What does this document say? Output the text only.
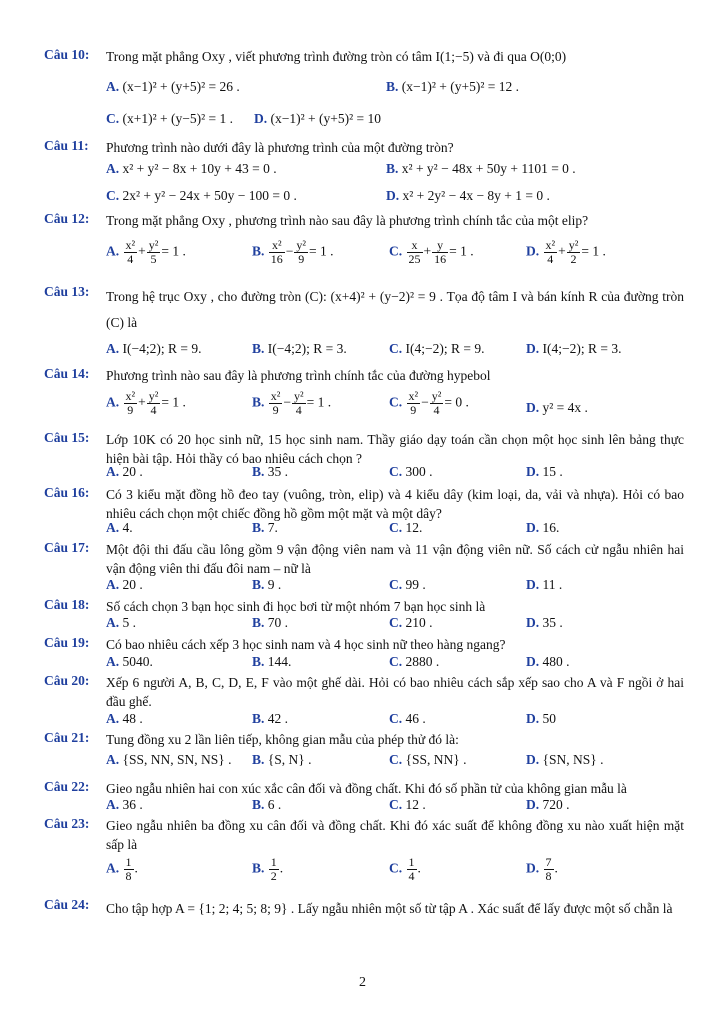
Câu 10: Trong mặt phẳng Oxy , viết phương trình đường tròn có tâm I(1;−5) và đi qua O(0;0)
A. (x−1)² + (y+5)² = 26 .	B. (x−1)² + (y+5)² = 12 .
C. (x+1)² + (y−5)² = 1 . D. (x−1)² + (y+5)² = 10
Câu 11: Phương trình nào dưới đây là phương trình của một đường tròn?
A. x² + y² − 8x + 10y + 43 = 0 .	B. x² + y² − 48x + 50y + 1101 = 0 .
C. 2x² + y² − 24x + 50y − 100 = 0 .	D. x² + 2y² − 4x − 8y + 1 = 0 .
Câu 12: Trong mặt phẳng Oxy , phương trình nào sau đây là phương trình chính tắc của một elip?
A. $\frac{\text{x²}}{4} + \frac{\text{y²}}{5} = 1$ .	B. $\frac{\text{x²}}{16} - \frac{\text{y²}}{9} = 1$ .	C. $\frac{x}{25} + \frac{y}{16} = 1$ .	D. $\frac{\text{x²}}{4} + \frac{\text{y²}}{2} = 1$ .
Câu 13: Trong hệ trục Oxy , cho đường tròn (C): (x+4)² + (y−2)² = 9 . Tọa độ tâm I và bán kính R của đường tròn (C) là
A. I(−4;2); R = 9.	B. I(−4;2); R = 3.	C. I(4;−2); R = 9.	D. I(4;−2); R = 3.
Câu 14: Phương trình nào sau đây là phương trình chính tắc của đường hypebol
A. $\frac{\text{x²}}{9} + \frac{\text{y²}}{4} = 1$ .	B. $\frac{\text{x²}}{9} - \frac{\text{y²}}{4} = 1$ .	C. $\frac{\text{x²}}{9} - \frac{\text{y²}}{4} = 0$ .	D. y² = 4x .
Câu 15: Lớp 10K có 20 học sinh nữ, 15 học sinh nam. Thầy giáo dạy toán cần chọn một học sinh lên bảng thực hiện bài tập. Hỏi thầy có bao nhiêu cách chọn ?
A. 20 .	B. 35 .	C. 300 .	D. 15 .
Câu 16: Có 3 kiểu mặt đồng hồ đeo tay (vuông, tròn, elip) và 4 kiểu dây (kim loại, da, vải và nhựa). Hỏi có bao nhiêu cách chọn một chiếc đồng hồ gồm một mặt và một dây?
A. 4.	B. 7.	C. 12.	D. 16.
Câu 17: Một đội thi đấu cầu lông gồm 9 vận động viên nam và 11 vận động viên nữ. Số cách cử ngẫu nhiên hai vận động viên thi đấu đôi nam – nữ là
A. 20 .	B. 9 .	C. 99 .	D. 11 .
Câu 18: Số cách chọn 3 bạn học sinh đi học bơi từ một nhóm 7 bạn học sinh là
A. 5 .	B. 70 .	C. 210 .	D. 35 .
Câu 19: Có bao nhiêu cách xếp 3 học sinh nam và 4 học sinh nữ theo hàng ngang?
A. 5040.	B. 144.	C. 2880 .	D. 480 .
Câu 20: Xếp 6 người A, B, C, D, E, F vào một ghế dài. Hỏi có bao nhiêu cách sắp xếp sao cho A và F ngồi ở hai đầu ghế.
A. 48 .	B. 42 .	C. 46 .	D. 50
Câu 21: Tung đồng xu 2 lần liên tiếp, không gian mẫu của phép thử đó là:
A. {SS, NN, SN, NS} . B. {S, N} .	C. {SS, NN} .	D. {SN, NS} .
Câu 22: Gieo ngẫu nhiên hai con xúc xắc cân đối và đồng chất. Khi đó số phần tử của không gian mẫu là
A. 36 .	B. 6 .	C. 12 .	D. 720 .
Câu 23: Gieo ngẫu nhiên ba đồng xu cân đối và đồng chất. Khi đó xác suất để không đồng xu nào xuất hiện mặt sấp là
A. $\frac{1}{8}$ .	B. $\frac{1}{2}$ .	C. $\frac{1}{4}$ .	D. $\frac{7}{8}$ .
Câu 24: Cho tập hợp A = {1; 2; 4; 5; 8; 9} . Lấy ngẫu nhiên một số từ tập A . Xác suất để lấy được một số chẵn là
2
